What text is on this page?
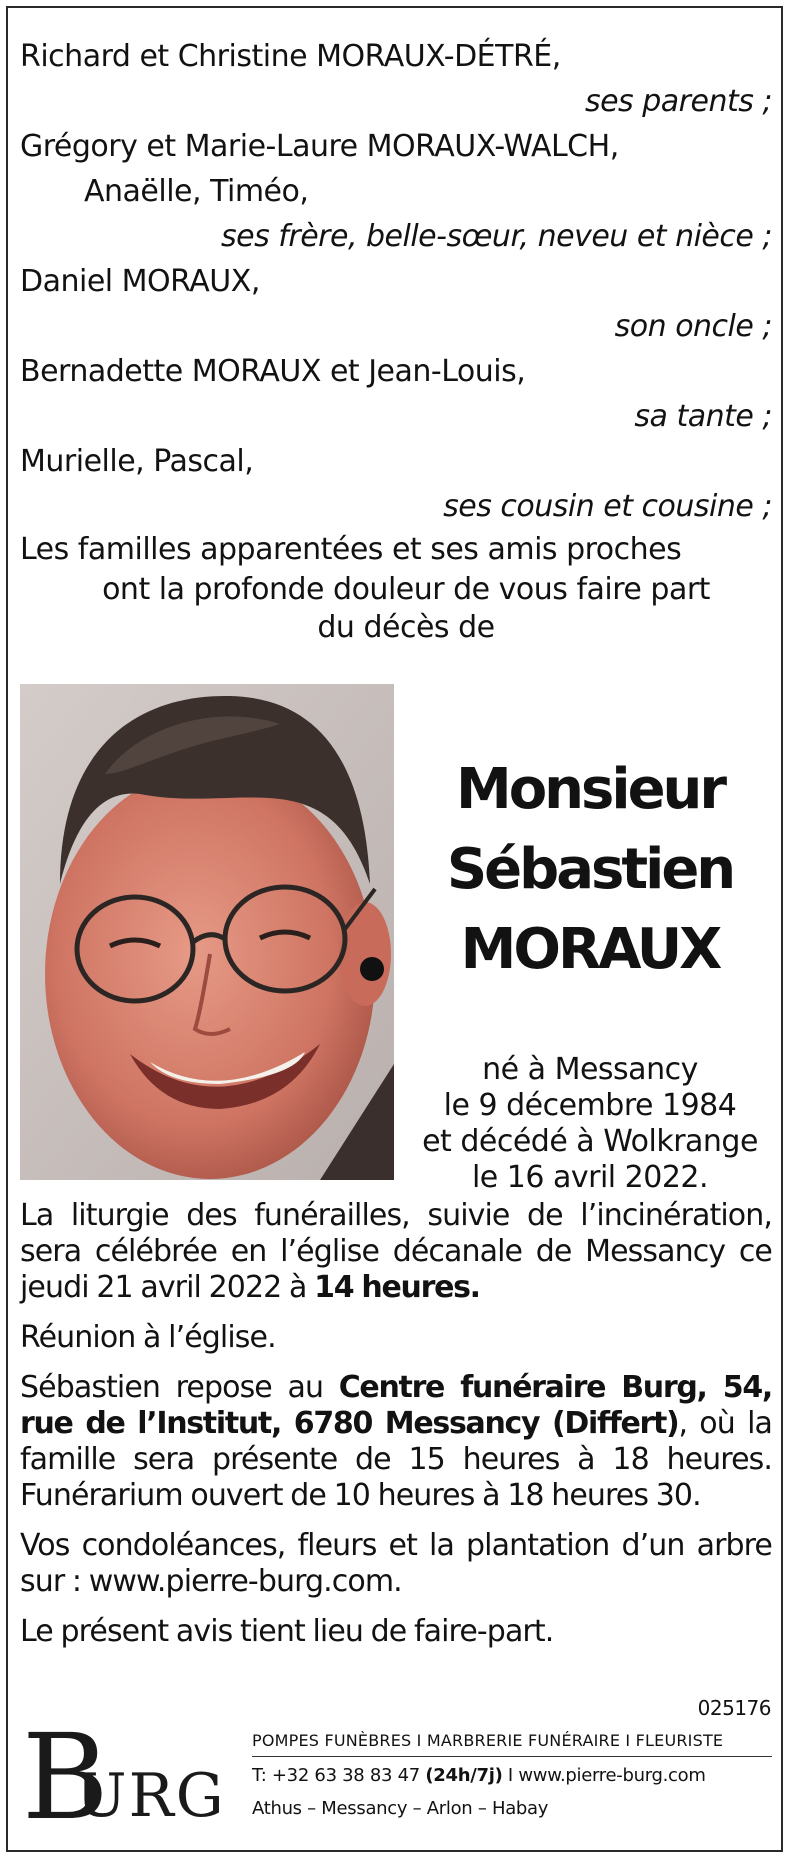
Richard et Christine MORAUX-DÉTRÉ,
ses parents ;
Grégory et Marie-Laure MORAUX-WALCH,
Anaëlle, Timéo,
ses frère, belle-sœur, neveu et nièce ;
Daniel MORAUX,
son oncle ;
Bernadette MORAUX et Jean-Louis,
sa tante ;
Murielle, Pascal,
ses cousin et cousine ;
Les familles apparentées et ses amis proches
ont la profonde douleur de vous faire part
du décès de
Monsieur
Sébastien
MORAUX
né à Messancy
le 9 décembre 1984
et décédé à Wolkrange
le 16 avril 2022.

La liturgie des funérailles, suivie de l’incinération, sera célébrée en l’église décanale de Messancy ce jeudi 21 avril 2022 à 14 heures.

Réunion à l’église.

Sébastien repose au Centre funéraire Burg, 54, rue de l’Institut, 6780 Messancy (Differt), où la famille sera présente de 15 heures à 18 heures. Funérarium ouvert de 10 heures à 18 heures 30.

Vos condoléances, fleurs et la plantation d’un arbre sur : www.pierre-burg.com.

Le présent avis tient lieu de faire-part.

025176
B
URG
POMPES FUNÈBRES I MARBRERIE FUNÉRAIRE I FLEURISTE
T: +32 63 38 83 47 (24h/7j) I www.pierre-burg.com
Athus – Messancy – Arlon – Habay
